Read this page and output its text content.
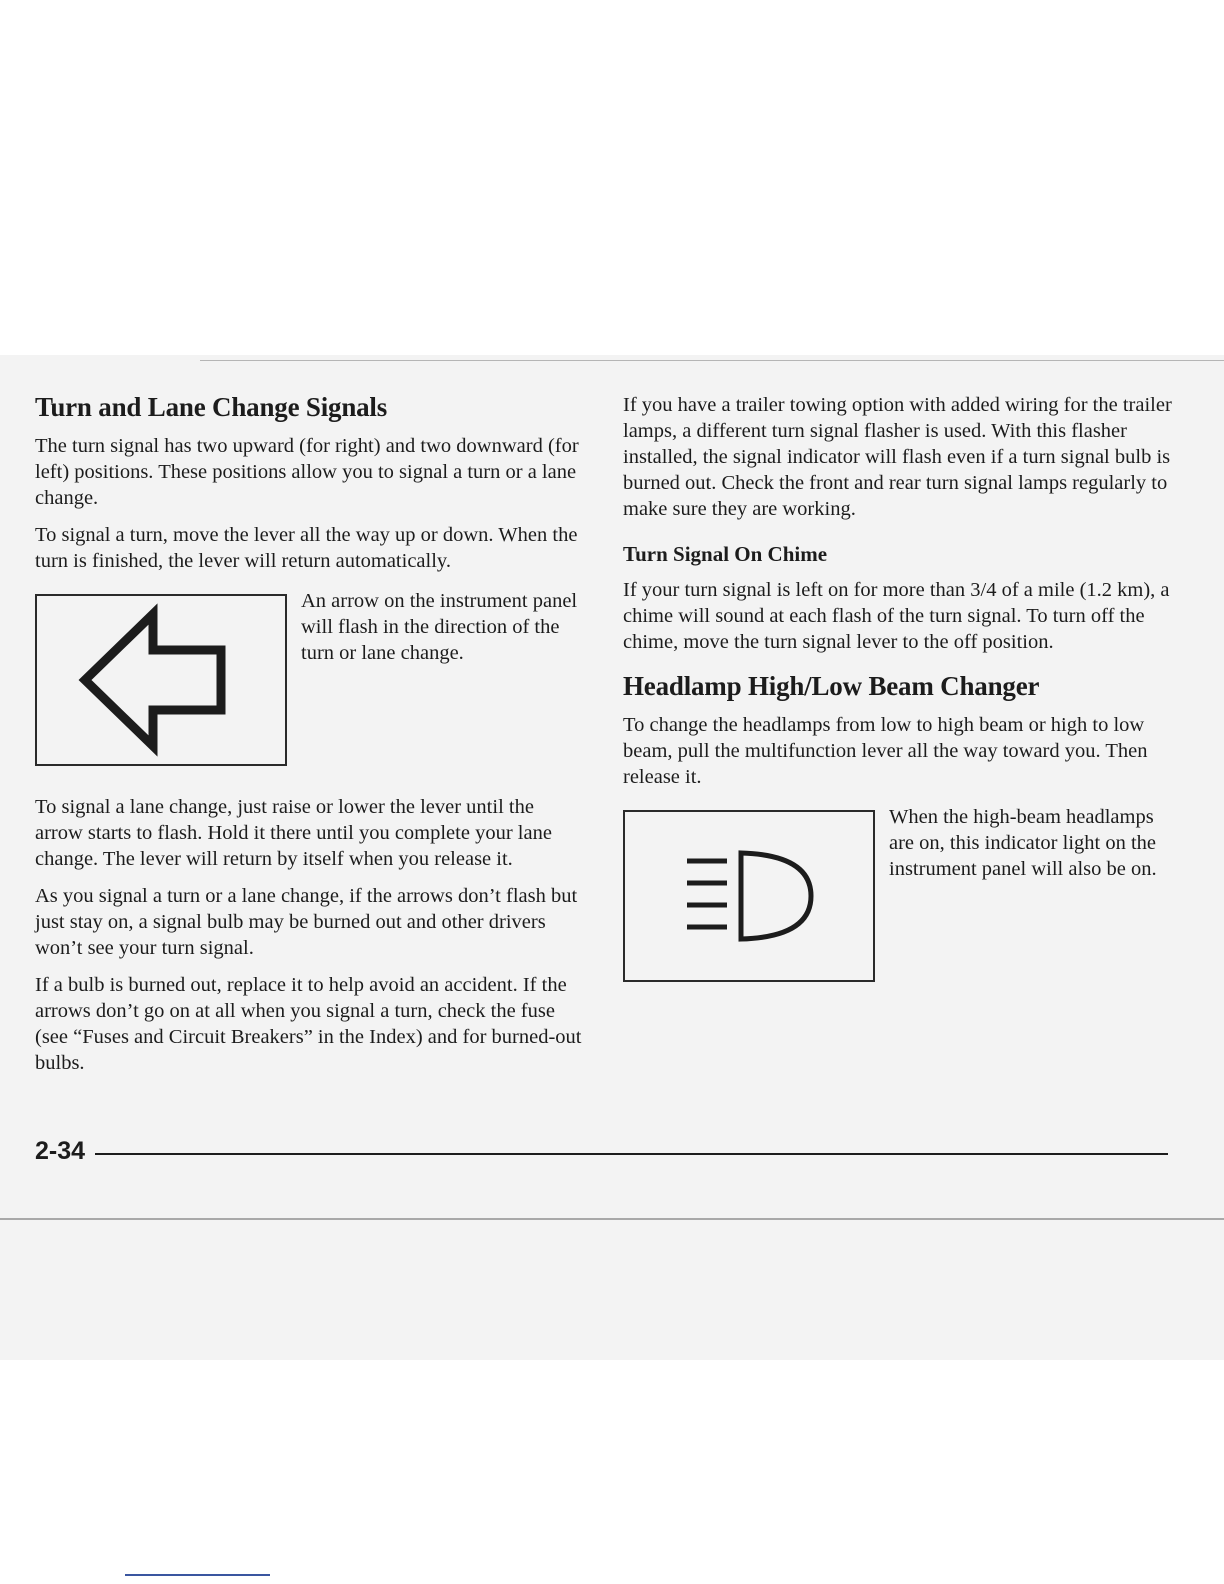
Turn and Lane Change Signals

The turn signal has two upward (for right) and two downward (for left) positions. These positions allow you to signal a turn or a lane change.

To signal a turn, move the lever all the way up or down. When the turn is finished, the lever will return automatically.

An arrow on the instrument panel will flash in the direction of the turn or lane change.

To signal a lane change, just raise or lower the lever until the arrow starts to flash. Hold it there until you complete your lane change. The lever will return by itself when you release it.

As you signal a turn or a lane change, if the arrows don’t flash but just stay on, a signal bulb may be burned out and other drivers won’t see your turn signal.

If a bulb is burned out, replace it to help avoid an accident. If the arrows don’t go on at all when you signal a turn, check the fuse (see “Fuses and Circuit Breakers” in the Index) and for burned-out bulbs.

If you have a trailer towing option with added wiring for the trailer lamps, a different turn signal flasher is used. With this flasher installed, the signal indicator will flash even if a turn signal bulb is burned out. Check the front and rear turn signal lamps regularly to make sure they are working.

Turn Signal On Chime

If your turn signal is left on for more than 3/4 of a mile (1.2 km), a chime will sound at each flash of the turn signal. To turn off the chime, move the turn signal lever to the off position.

Headlamp High/Low Beam Changer

To change the headlamps from low to high beam or high to low beam, pull the multifunction lever all the way toward you. Then release it.

When the high-beam headlamps are on, this indicator light on the instrument panel will also be on.

2-34
